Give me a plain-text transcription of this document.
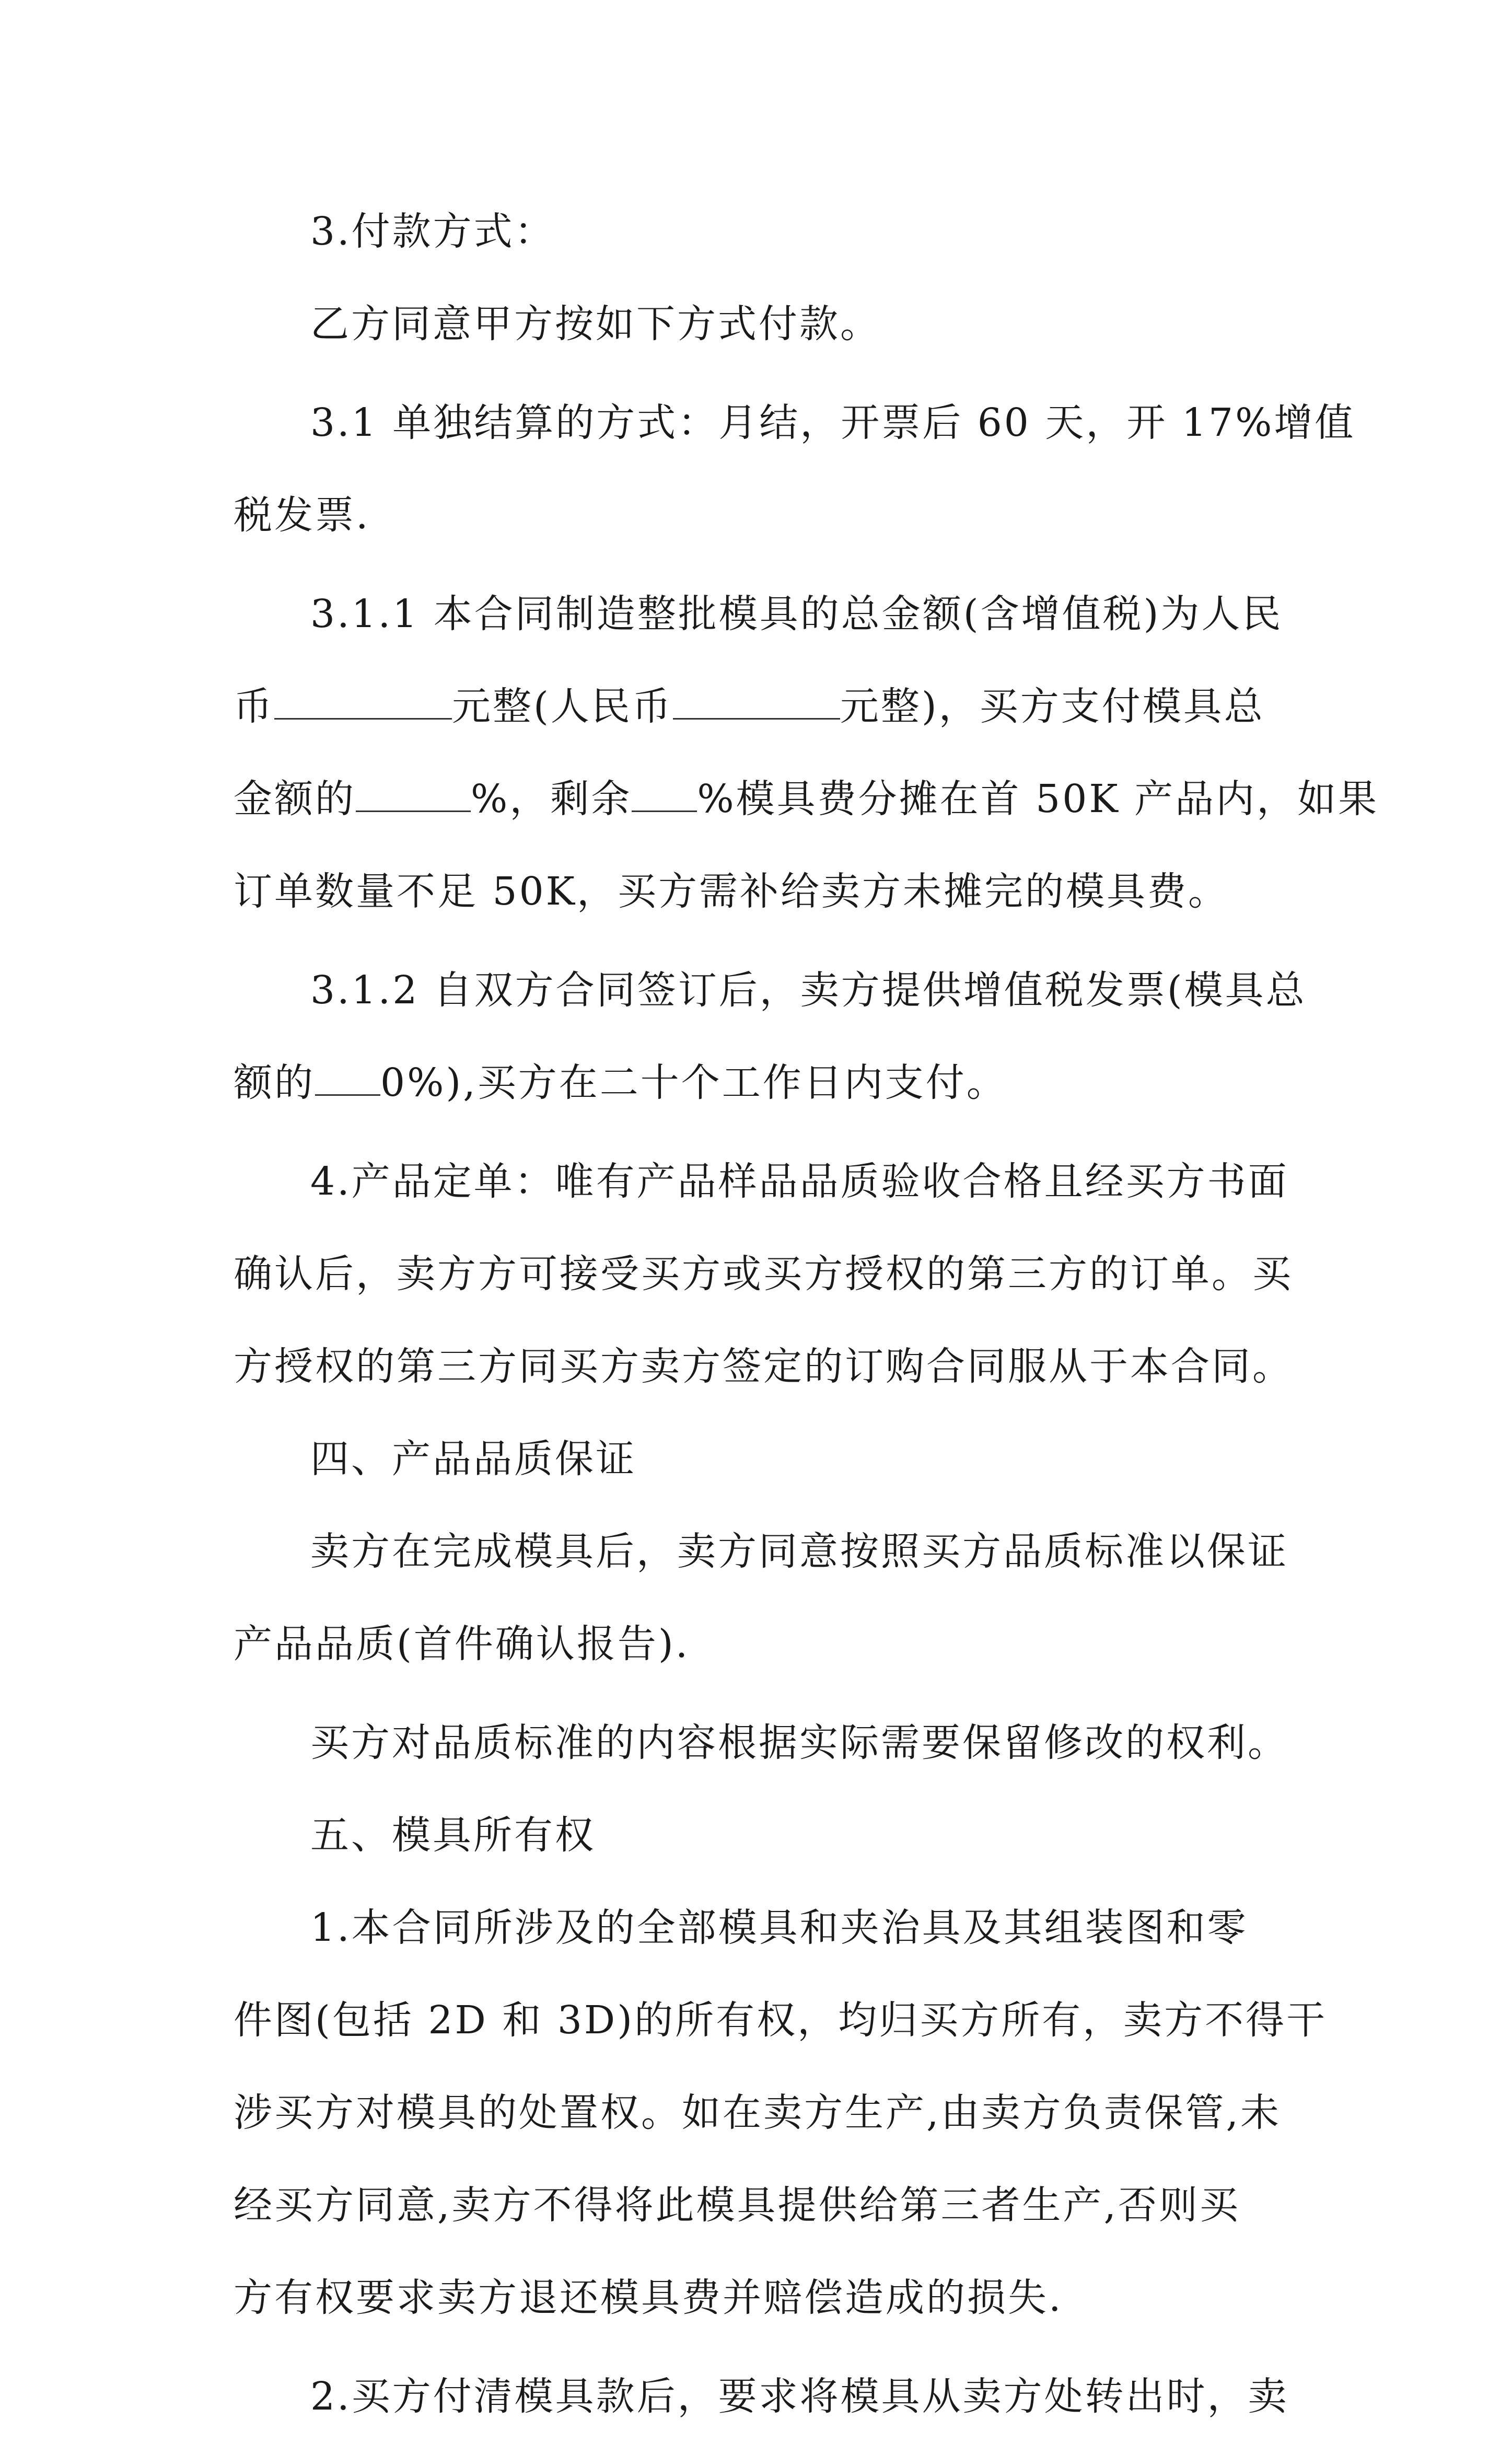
3.付款方式：
乙方同意甲方按如下方式付款。
3.1 单独结算的方式：月结，开票后 60 天，开 17%增值
税发票.
3.1.1 本合同制造整批模具的总金额(含增值税)为人民
币	元整(人民币	元整)，买方支付模具总
金额的	%，剩余 %模具费分摊在首 50K 产品内，如果
订单数量不足 50K，买方需补给卖方未摊完的模具费。
3.1.2 自双方合同签订后，卖方提供增值税发票(模具总
额的 0%),买方在二十个工作日内支付。
4.产品定单：唯有产品样品品质验收合格且经买方书面
确认后，卖方方可接受买方或买方授权的第三方的订单。买
方授权的第三方同买方卖方签定的订购合同服从于本合同。
四、产品品质保证
卖方在完成模具后，卖方同意按照买方品质标准以保证
产品品质(首件确认报告).
买方对品质标准的内容根据实际需要保留修改的权利。
五、模具所有权
1.本合同所涉及的全部模具和夹治具及其组装图和零
件图(包括 2D 和 3D)的所有权，均归买方所有，卖方不得干
涉买方对模具的处置权。如在卖方生产,由卖方负责保管,未
经买方同意,卖方不得将此模具提供给第三者生产,否则买
方有权要求卖方退还模具费并赔偿造成的损失.
2.买方付清模具款后，要求将模具从卖方处转出时，卖
